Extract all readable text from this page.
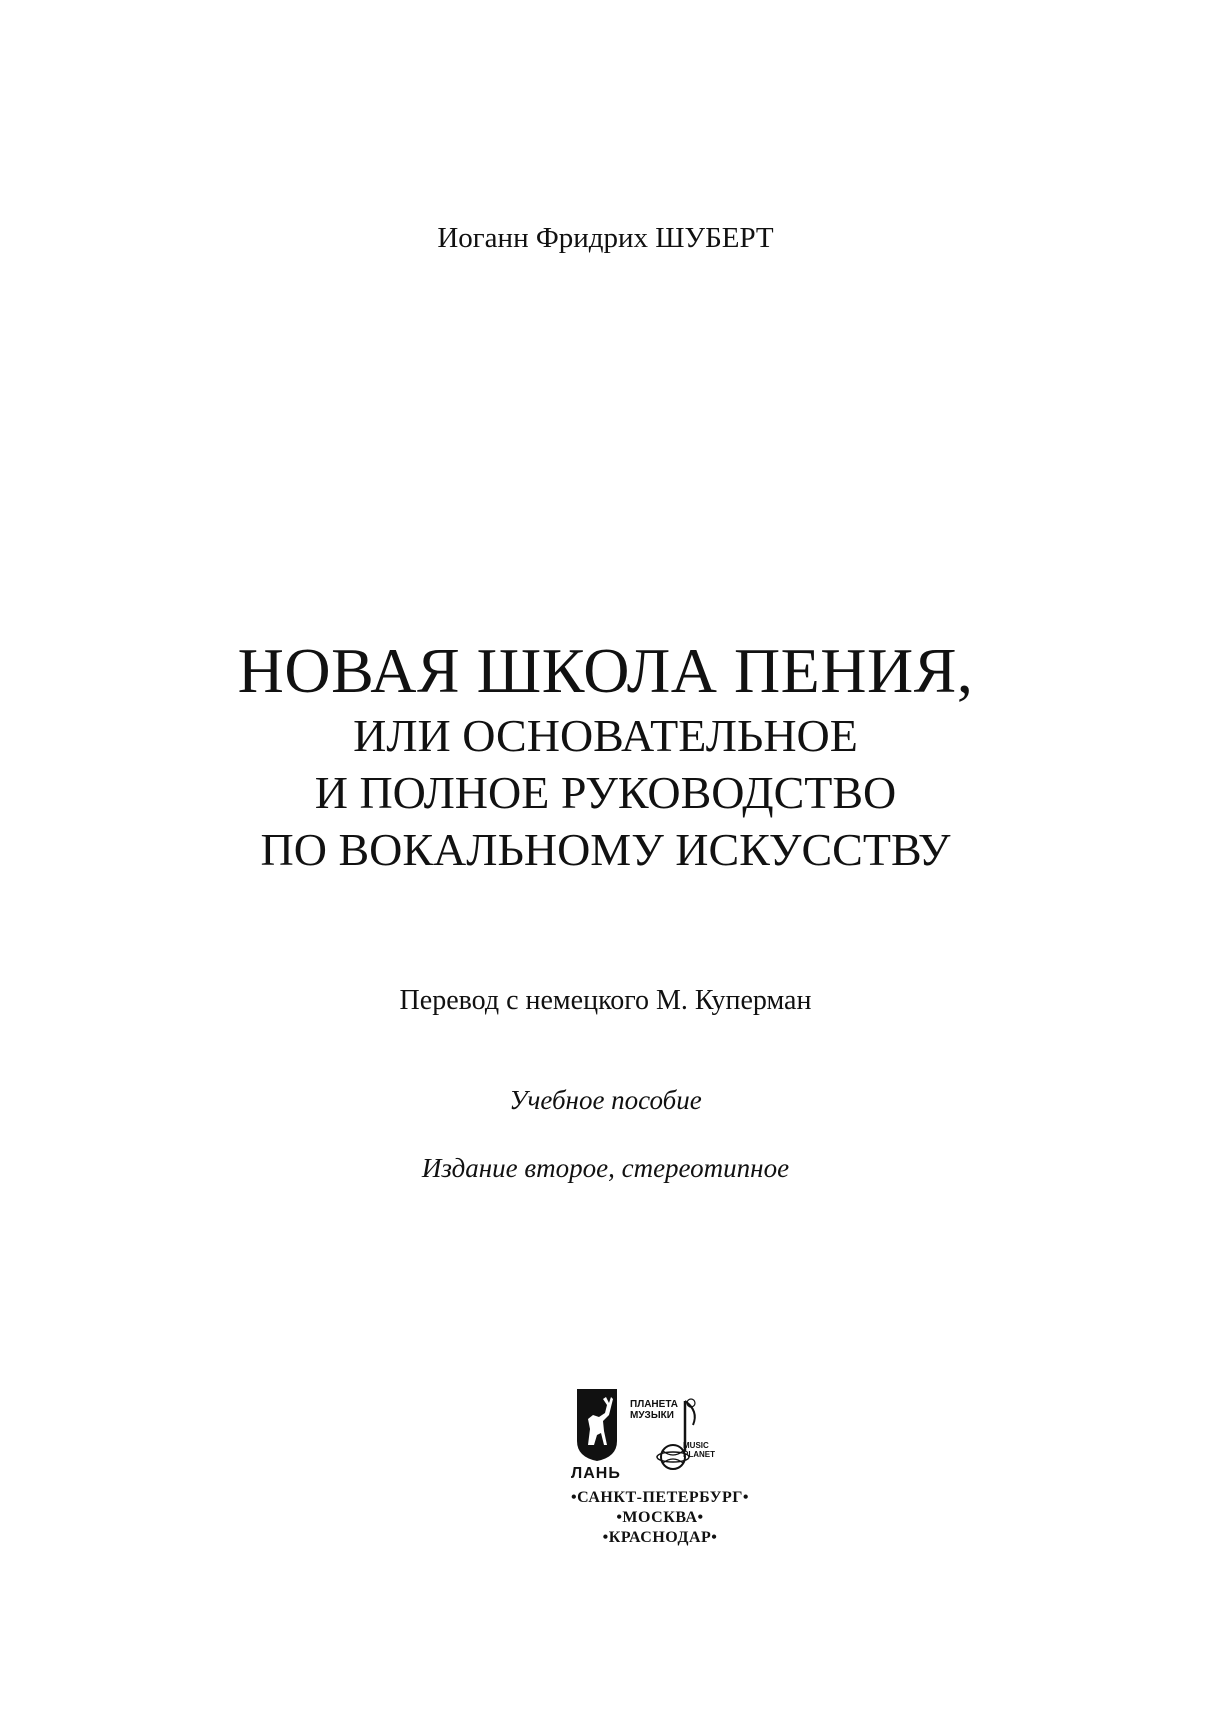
Иоганн Фридрих ШУБЕРТ
НОВАЯ ШКОЛА ПЕНИЯ,
ИЛИ ОСНОВАТЕЛЬНОЕ
И ПОЛНОЕ РУКОВОДСТВО
ПО ВОКАЛЬНОМУ ИСКУССТВУ
Перевод с немецкого М. Куперман
Учебное пособие
Издание второе, стереотипное
ЛАНЬ
ПЛАНЕТА
МУЗЫКИ
MUSIC
PLANET
•САНКТ-ПЕТЕРБУРГ•
•МОСКВА•
•КРАСНОДАР•
